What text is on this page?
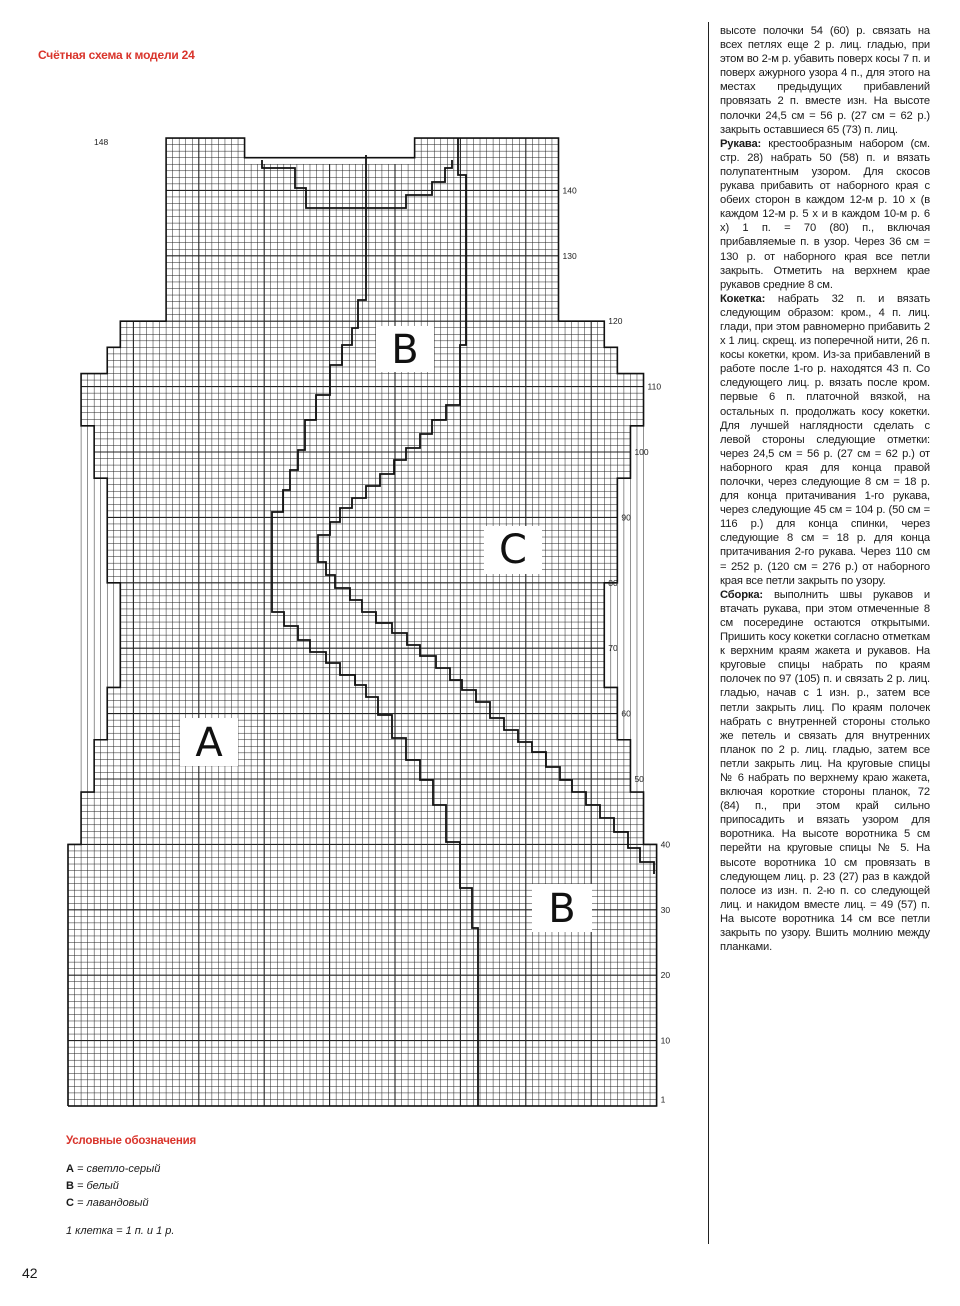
Счётная схема к модели 24
148
140
130
120
110
100
90
80
70
60
50
40
30
20
10
1
B
C
A
B
Условные обозначения
A = светло-серый
B = белый
C = лавандовый
1 клетка = 1 п. и 1 р.
42

высоте полочки 54 (60) р. связать на всех петлях еще 2 р. лиц. гладью, при этом во 2-м р. убавить поверх косы 7 п. и поверх ажурного узора 4 п., для этого на местах предыдущих прибавлений провязать 2 п. вместе изн. На высоте полочки 24,5 см = 56 р. (27 см = 62 р.) закрыть оставшиеся 65 (73) п. лиц.

Рукава: крестообразным набором (см. стр. 28) набрать 50 (58) п. и вязать полупатентным узором. Для скосов рукава прибавить от наборного края с обеих сторон в каждом 12-м р. 10 х (в каждом 12-м р. 5 х и в каждом 10-м р. 6 х) 1 п. = 70 (80) п., включая прибавляемые п. в узор. Через 36 см = 130 р. от наборного края все петли закрыть. Отметить на верхнем крае рукавов средние 8 см.

Кокетка: набрать 32 п. и вязать следующим образом: кром., 4 п. лиц. глади, при этом равномерно прибавить 2 х 1 лиц. скрещ. из поперечной нити, 26 п. косы кокетки, кром. Из-за прибавлений в работе после 1-го р. находятся 43 п. Со следующего лиц. р. вязать после кром. первые 6 п. платочной вязкой, на остальных п. продолжать косу кокетки. Для лучшей наглядности сделать с левой стороны следующие отметки: через 24,5 см = 56 р. (27 см = 62 р.) от наборного края для конца правой полочки, через следующие 8 см = 18 р. для конца притачивания 1-го рукава, через следующие 45 см = 104 р. (50 см = 116 р.) для конца спинки, через следующие 8 см = 18 р. для конца притачивания 2-го рукава. Через 110 см = 252 р. (120 см = 276 р.) от наборного края все петли закрыть по узору.

Сборка: выполнить швы рукавов и втачать рукава, при этом отмеченные 8 см посередине остаются открытыми. Пришить косу кокетки согласно отметкам к верхним краям жакета и рукавов. На круговые спицы набрать по краям полочек по 97 (105) п. и связать 2 р. лиц. гладью, начав с 1 изн. р., затем все петли закрыть лиц. По краям полочек набрать с внутренней стороны столько же петель и связать для внутренних планок по 2 р. лиц. гладью, затем все петли закрыть лиц. На круговые спицы № 6 набрать по верхнему краю жакета, включая короткие стороны планок, 72 (84) п., при этом край сильно припосадить и вязать узором для воротника. На высоте воротника 5 см перейти на круговые спицы № 5. На высоте воротника 10 см провязать в следующем лиц. р. 23 (27) раз в каждой полосе из изн. п. 2-ю п. со следующей лиц. и накидом вместе лиц. = 49 (57) п. На высоте воротника 14 см все петли закрыть по узору. Вшить молнию между планками.
